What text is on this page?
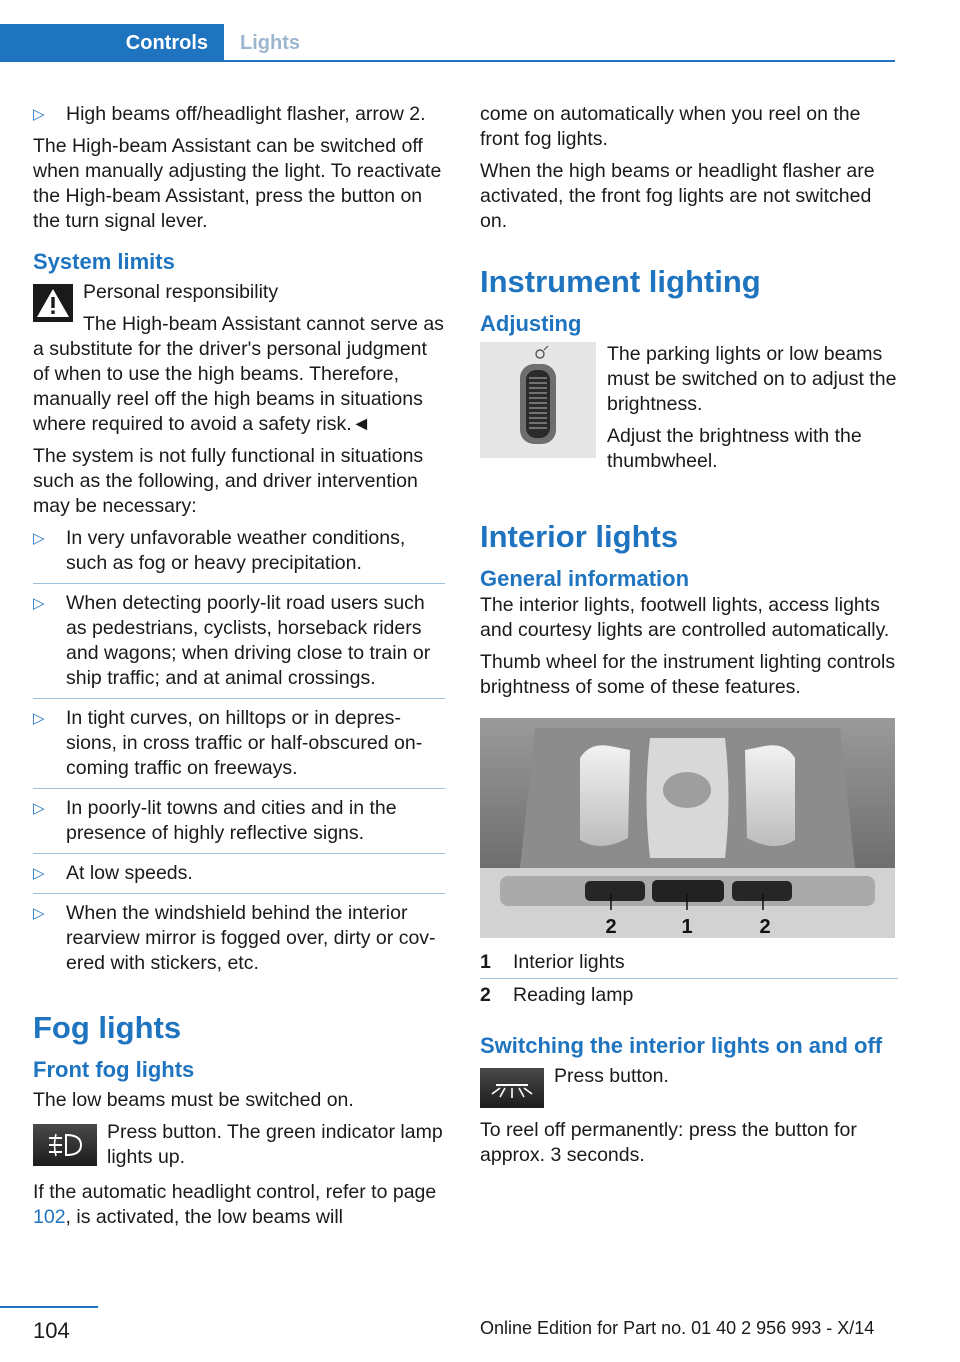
Controls	Lights
▷ High beams off/headlight flasher, arrow 2.

The High-beam Assistant can be switched off when manually adjusting the light. To reactivate the High-beam Assistant, press the button on the turn signal lever.

System limits
Personal responsibility

The High-beam Assistant cannot serve as a substitute for the driver's personal judgment of when to use the high beams. Therefore, manually reel off the high beams in situations where required to avoid a safety risk.◄

The system is not fully functional in situations such as the following, and driver intervention may be necessary:

▷ In very unfavorable weather conditions, such as fog or heavy precipitation.
▷ When detecting poorly-lit road users such as pedestrians, cyclists, horseback riders and wagons; when driving close to train or ship traffic; and at animal crossings.
▷ In tight curves, on hilltops or in depressions, in cross traffic or half-obscured oncoming traffic on freeways.
▷ In poorly-lit towns and cities and in the presence of highly reflective signs.
▷ At low speeds.
▷ When the windshield behind the interior rearview mirror is fogged over, dirty or covered with stickers, etc.
Fog lights
Front fog lights

The low beams must be switched on.

Press button. The green indicator lamp lights up.

If the automatic headlight control, refer to page 102, is activated, the low beams will

come on automatically when you reel on the front fog lights.

When the high beams or headlight flasher are activated, the front fog lights are not switched on.

Instrument lighting
Adjusting

The parking lights or low beams must be switched on to adjust the brightness.

Adjust the brightness with the thumbwheel.

Interior lights
General information

The interior lights, footwell lights, access lights and courtesy lights are controlled automatically.

Thumb wheel for the instrument lighting controls brightness of some of these features.

2	1	2
1	Interior lights
2	Reading lamp
Switching the interior lights on and off
Press button.

To reel off permanently: press the button for approx. 3 seconds.

104	Online Edition for Part no. 01 40 2 956 993 - X/14
